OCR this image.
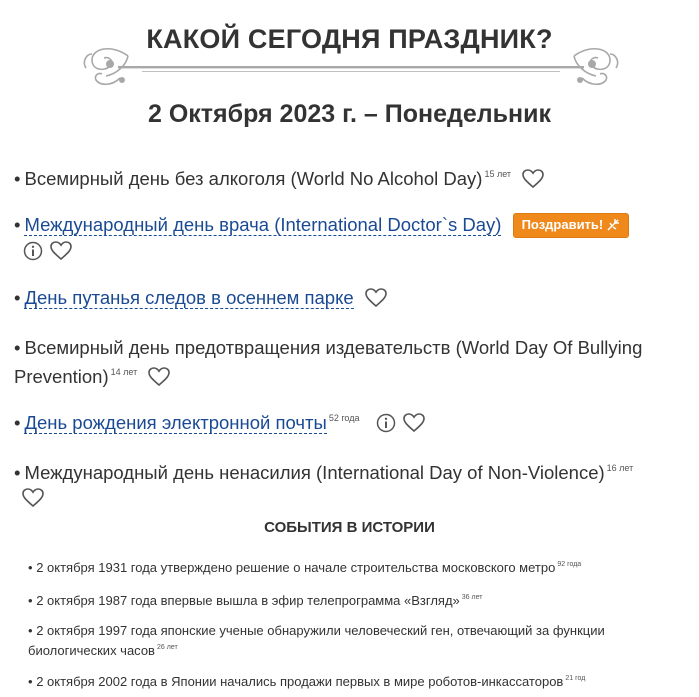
КАКОЙ СЕГОДНЯ ПРАЗДНИК?
2 Октября 2023 г. – Понедельник
• Всемирный день без алкоголя (World No Alcohol Day) $^{15 лет}$
• Международный день врача (International Doctor`s Day) Поздравить!

• День путанья следов в осеннем парке
• Всемирный день предотвращения издевательств (World Day Of Bullying
Prevention) $^{14 лет}$
• День рождения электронной почты $^{52 года}$
• Международный день ненасилия (International Day of Non-Violence) $^{16 лет}$

СОБЫТИЯ В ИСТОРИИ
• 2 октября 1931 года утверждено решение о начале строительства московского метро $^{92 года}$
• 2 октября 1987 года впервые вышла в эфир телепрограмма «Взгляд» $^{36 лет}$
• 2 октября 1997 года японские ученые обнаружили человеческий ген, отвечающий за функции
биологических часов $^{26 лет}$
• 2 октября 2002 года в Японии начались продажи первых в мире роботов-инкассаторов $^{21 год}$
